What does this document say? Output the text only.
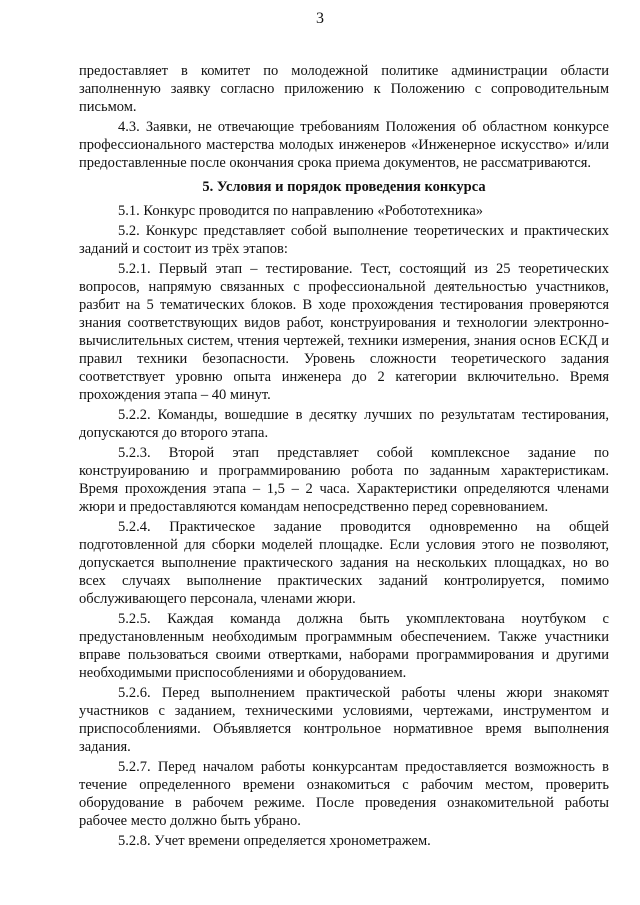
3

предоставляет в комитет по молодежной политике администрации области заполненную заявку согласно приложению к Положению с сопроводительным письмом.

4.3. Заявки, не отвечающие требованиям Положения об областном конкурсе профессионального мастерства молодых инженеров «Инженерное искусство» и/или предоставленные после окончания срока приема документов, не рассматриваются.

5. Условия и порядок проведения конкурса

5.1. Конкурс проводится по направлению «Робототехника»

5.2. Конкурс представляет собой выполнение теоретических и практических заданий и состоит из трёх этапов:

5.2.1. Первый этап – тестирование. Тест, состоящий из 25 теоретических вопросов, напрямую связанных с профессиональной деятельностью участников, разбит на 5 тематических блоков. В ходе прохождения тестирования проверяются знания соответствующих видов работ, конструирования и технологии электронно-вычислительных систем, чтения чертежей, техники измерения, знания основ ЕСКД и правил техники безопасности. Уровень сложности теоретического задания соответствует уровню опыта инженера до 2 категории включительно. Время прохождения этапа – 40 минут.

5.2.2. Команды, вошедшие в десятку лучших по результатам тестирования, допускаются до второго этапа.

5.2.3. Второй этап представляет собой комплексное задание по конструированию и программированию робота по заданным характеристикам. Время прохождения этапа – 1,5 – 2 часа. Характеристики определяются членами жюри и предоставляются командам непосредственно перед соревнованием.

5.2.4. Практическое задание проводится одновременно на общей подготовленной для сборки моделей площадке. Если условия этого не позволяют, допускается выполнение практического задания на нескольких площадках, но во всех случаях выполнение практических заданий контролируется, помимо обслуживающего персонала, членами жюри.

5.2.5. Каждая команда должна быть укомплектована ноутбуком с предустановленным необходимым программным обеспечением. Также участники вправе пользоваться своими отвертками, наборами программирования и другими необходимыми приспособлениями и оборудованием.

5.2.6. Перед выполнением практической работы члены жюри знакомят участников с заданием, техническими условиями, чертежами, инструментом и приспособлениями. Объявляется контрольное нормативное время выполнения задания.

5.2.7. Перед началом работы конкурсантам предоставляется возможность в течение определенного времени ознакомиться с рабочим местом, проверить оборудование в рабочем режиме. После проведения ознакомительной работы рабочее место должно быть убрано.

5.2.8. Учет времени определяется хронометражем.
